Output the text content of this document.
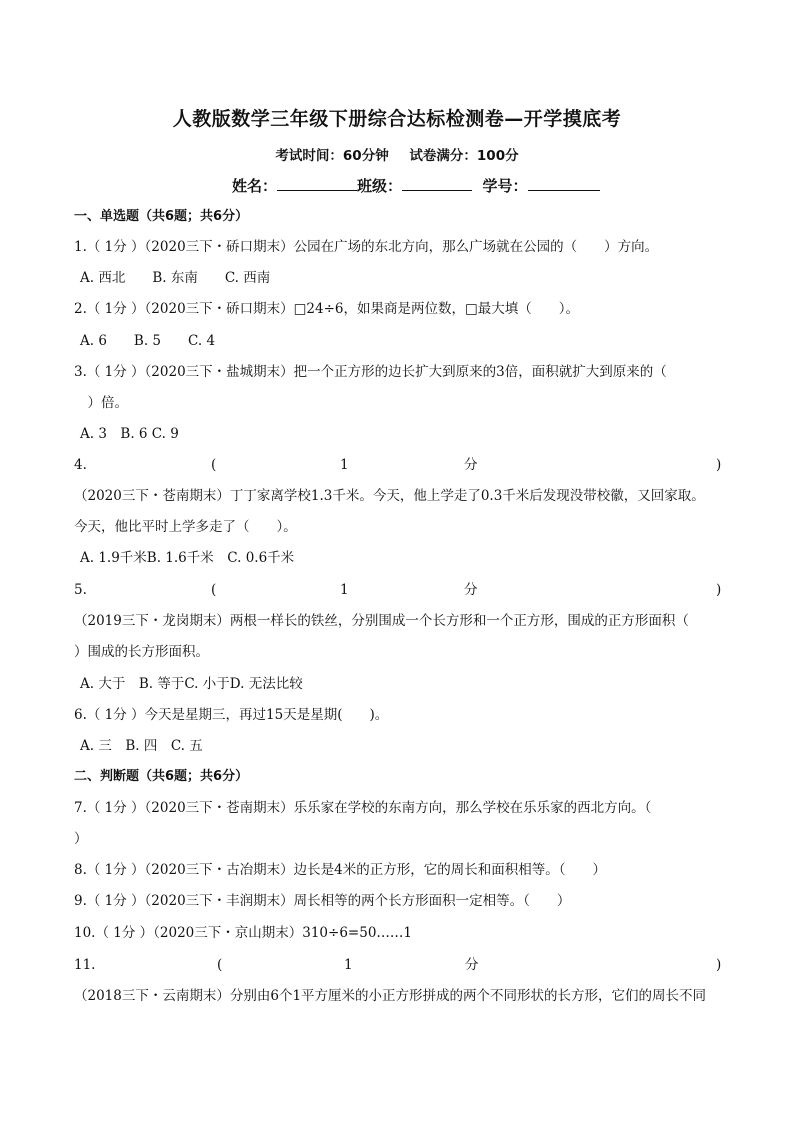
人教版数学三年级下册综合达标检测卷—开学摸底考
考试时间：60分钟 试卷满分：100分
姓名：	班级：	学号：
一、单选题（共6题；共6分）
1.（ 1分 ）（2020三下・硚口期末）公园在广场的东北方向，那么广场就在公园的（　　）方向。
A. 西北　　B. 东南　　C. 西南
2.（ 1分 ）（2020三下・硚口期末）□24÷6，如果商是两位数，□最大填（　　）。
A. 6　　B. 5　　C. 4
3.（ 1分 ）（2020三下・盐城期末）把一个正方形的边长扩大到原来的3倍，面积就扩大到原来的（
　）倍。
A. 3　B. 6 C. 9
4.	(	1	分	)
（2020三下・苍南期末）丁丁家离学校1.3千米。今天，他上学走了0.3千米后发现没带校徽，又回家取。
今天，他比平时上学多走了（　　）。
A. 1.9千米B. 1.6千米　C. 0.6千米
5.	(	1	分	)
（2019三下・龙岗期末）两根一样长的铁丝，分别围成一个长方形和一个正方形，围成的正方形面积（
）围成的长方形面积。
A. 大于　B. 等于C. 小于D. 无法比较
6.（ 1分 ）今天是星期三，再过15天是星期(　　)。
A. 三　B. 四　C. 五
二、判断题（共6题；共6分）
7.（ 1分 ）（2020三下・苍南期末）乐乐家在学校的东南方向，那么学校在乐乐家的西北方向。（
）
8.（ 1分 ）（2020三下・古冶期末）边长是4米的正方形，它的周长和面积相等。（　　）
9.（ 1分 ）（2020三下・丰润期末）周长相等的两个长方形面积一定相等。（　　）
10.（ 1分 ）（2020三下・京山期末）310÷6=50……1
11.	(	1	分	)
（2018三下・云南期末）分别由6个1平方厘米的小正方形拼成的两个不同形状的长方形，它们的周长不同
